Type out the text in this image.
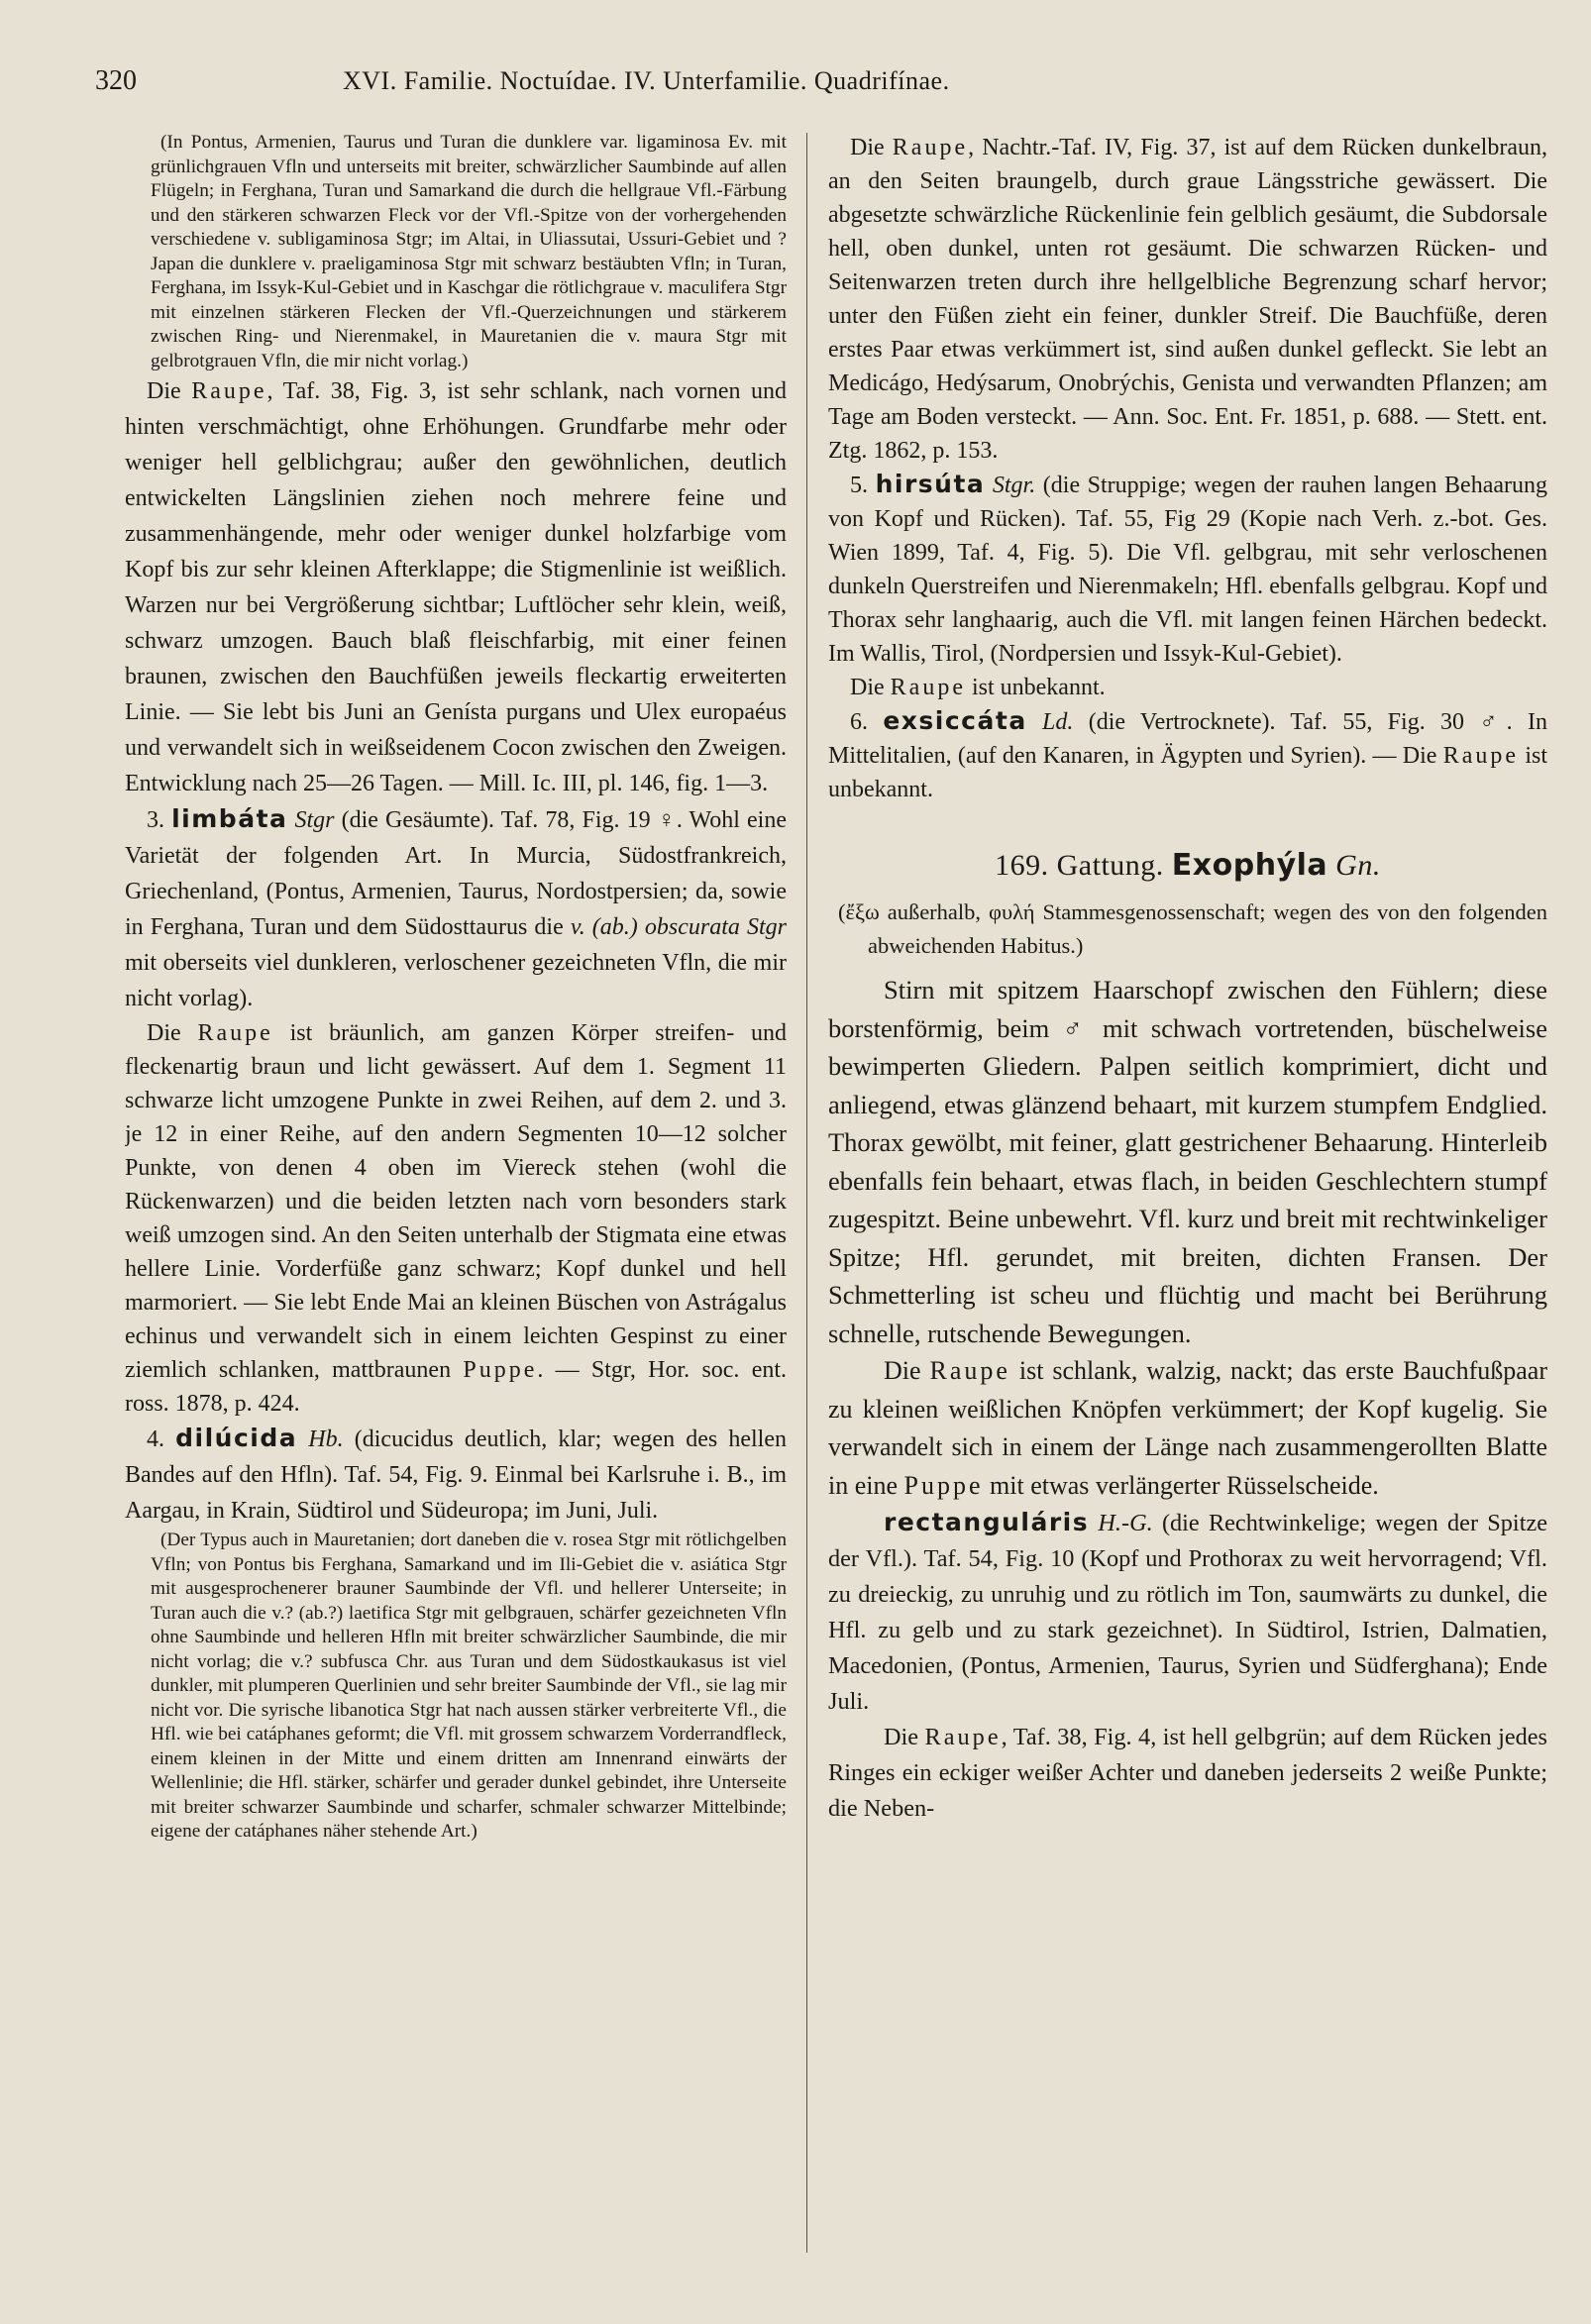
320	XVI. Familie. Noctuídae. IV. Unterfamilie. Quadrifínae.

(In Pontus, Armenien, Taurus und Turan die dunklere var. ligaminosa Ev. mit grünlichgrauen Vfln und unterseits mit breiter, schwärzlicher Saumbinde auf allen Flügeln; in Ferghana, Turan und Samarkand die durch die hellgraue Vfl.-Färbung und den stärkeren schwarzen Fleck vor der Vfl.-Spitze von der vorhergehenden verschiedene v. subligaminosa Stgr; im Altai, in Uliassutai, Ussuri-Gebiet und ? Japan die dunklere v. praeligaminosa Stgr mit schwarz bestäubten Vfln; in Turan, Ferghana, im Issyk-Kul-Gebiet und in Kaschgar die rötlichgraue v. maculifera Stgr mit einzelnen stärkeren Flecken der Vfl.-Querzeichnungen und stärkerem zwischen Ring- und Nierenmakel, in Mauretanien die v. maura Stgr mit gelbrotgrauen Vfln, die mir nicht vorlag.)

Die Raupe, Taf. 38, Fig. 3, ist sehr schlank, nach vornen und hinten verschmächtigt, ohne Erhöhungen. Grundfarbe mehr oder weniger hell gelblichgrau; außer den gewöhnlichen, deutlich entwickelten Längslinien ziehen noch mehrere feine und zusammenhängende, mehr oder weniger dunkel holzfarbige vom Kopf bis zur sehr kleinen Afterklappe; die Stigmenlinie ist weißlich. Warzen nur bei Vergrößerung sichtbar; Luftlöcher sehr klein, weiß, schwarz umzogen. Bauch blaß fleischfarbig, mit einer feinen braunen, zwischen den Bauchfüßen jeweils fleckartig erweiterten Linie. — Sie lebt bis Juni an Genísta purgans und Ulex europaéus und verwandelt sich in weißseidenem Cocon zwischen den Zweigen. Entwicklung nach 25—26 Tagen. — Mill. Ic. III, pl. 146, fig. 1—3.

3. limbáta Stgr (die Gesäumte). Taf. 78, Fig. 19 ♀. Wohl eine Varietät der folgenden Art. In Murcia, Südostfrankreich, Griechenland, (Pontus, Armenien, Taurus, Nordostpersien; da, sowie in Ferghana, Turan und dem Südosttaurus die v. (ab.) obscurata Stgr mit oberseits viel dunkleren, verloschener gezeichneten Vfln, die mir nicht vorlag).

Die Raupe ist bräunlich, am ganzen Körper streifen- und fleckenartig braun und licht gewässert. Auf dem 1. Segment 11 schwarze licht umzogene Punkte in zwei Reihen, auf dem 2. und 3. je 12 in einer Reihe, auf den andern Segmenten 10—12 solcher Punkte, von denen 4 oben im Viereck stehen (wohl die Rückenwarzen) und die beiden letzten nach vorn besonders stark weiß umzogen sind. An den Seiten unterhalb der Stigmata eine etwas hellere Linie. Vorderfüße ganz schwarz; Kopf dunkel und hell marmoriert. — Sie lebt Ende Mai an kleinen Büschen von Astrágalus echinus und verwandelt sich in einem leichten Gespinst zu einer ziemlich schlanken, mattbraunen Puppe. — Stgr, Hor. soc. ent. ross. 1878, p. 424.

4. dilúcida Hb. (dicucidus deutlich, klar; wegen des hellen Bandes auf den Hfln). Taf. 54, Fig. 9. Einmal bei Karlsruhe i. B., im Aargau, in Krain, Südtirol und Südeuropa; im Juni, Juli.

(Der Typus auch in Mauretanien; dort daneben die v. rosea Stgr mit rötlichgelben Vfln; von Pontus bis Ferghana, Samarkand und im Ili-Gebiet die v. asiática Stgr mit ausgesprochenerer brauner Saumbinde der Vfl. und hellerer Unterseite; in Turan auch die v.? (ab.?) laetifica Stgr mit gelbgrauen, schärfer gezeichneten Vfln ohne Saumbinde und helleren Hfln mit breiter schwärzlicher Saumbinde, die mir nicht vorlag; die v.? subfusca Chr. aus Turan und dem Südostkaukasus ist viel dunkler, mit plumperen Querlinien und sehr breiter Saumbinde der Vfl., sie lag mir nicht vor. Die syrische libanotica Stgr hat nach aussen stärker verbreiterte Vfl., die Hfl. wie bei catáphanes geformt; die Vfl. mit grossem schwarzem Vorderrandfleck, einem kleinen in der Mitte und einem dritten am Innenrand einwärts der Wellenlinie; die Hfl. stärker, schärfer und gerader dunkel gebindet, ihre Unterseite mit breiter schwarzer Saumbinde und scharfer, schmaler schwarzer Mittelbinde; eigene der catáphanes näher stehende Art.)

Die Raupe, Nachtr.-Taf. IV, Fig. 37, ist auf dem Rücken dunkelbraun, an den Seiten braungelb, durch graue Längsstriche gewässert. Die abgesetzte schwärzliche Rückenlinie fein gelblich gesäumt, die Subdorsale hell, oben dunkel, unten rot gesäumt. Die schwarzen Rücken- und Seitenwarzen treten durch ihre hellgelbliche Begrenzung scharf hervor; unter den Füßen zieht ein feiner, dunkler Streif. Die Bauchfüße, deren erstes Paar etwas verkümmert ist, sind außen dunkel gefleckt. Sie lebt an Medicágo, Hedýsarum, Onobrýchis, Genista und verwandten Pflanzen; am Tage am Boden versteckt. — Ann. Soc. Ent. Fr. 1851, p. 688. — Stett. ent. Ztg. 1862, p. 153.

5. hirsúta Stgr. (die Struppige; wegen der rauhen langen Behaarung von Kopf und Rücken). Taf. 55, Fig 29 (Kopie nach Verh. z.-bot. Ges. Wien 1899, Taf. 4, Fig. 5). Die Vfl. gelbgrau, mit sehr verloschenen dunkeln Querstreifen und Nierenmakeln; Hfl. ebenfalls gelbgrau. Kopf und Thorax sehr langhaarig, auch die Vfl. mit langen feinen Härchen bedeckt. Im Wallis, Tirol, (Nordpersien und Issyk-Kul-Gebiet).

Die Raupe ist unbekannt.

6. exsiccáta Ld. (die Vertrocknete). Taf. 55, Fig. 30 ♂. In Mittelitalien, (auf den Kanaren, in Ägypten und Syrien). — Die Raupe ist unbekannt.

169. Gattung. Exophýla Gn.

(ἔξω außerhalb, φυλή Stammesgenossenschaft; wegen des von den folgenden abweichenden Habitus.)

Stirn mit spitzem Haarschopf zwischen den Fühlern; diese borstenförmig, beim ♂ mit schwach vortretenden, büschelweise bewimperten Gliedern. Palpen seitlich komprimiert, dicht und anliegend, etwas glänzend behaart, mit kurzem stumpfem Endglied. Thorax gewölbt, mit feiner, glatt gestrichener Behaarung. Hinterleib ebenfalls fein behaart, etwas flach, in beiden Geschlechtern stumpf zugespitzt. Beine unbewehrt. Vfl. kurz und breit mit rechtwinkeliger Spitze; Hfl. gerundet, mit breiten, dichten Fransen. Der Schmetterling ist scheu und flüchtig und macht bei Berührung schnelle, rutschende Bewegungen.

Die Raupe ist schlank, walzig, nackt; das erste Bauchfußpaar zu kleinen weißlichen Knöpfen verkümmert; der Kopf kugelig. Sie verwandelt sich in einem der Länge nach zusammengerollten Blatte in eine Puppe mit etwas verlängerter Rüsselscheide.

rectanguláris H.-G. (die Rechtwinkelige; wegen der Spitze der Vfl.). Taf. 54, Fig. 10 (Kopf und Prothorax zu weit hervorragend; Vfl. zu dreieckig, zu unruhig und zu rötlich im Ton, saumwärts zu dunkel, die Hfl. zu gelb und zu stark gezeichnet). In Südtirol, Istrien, Dalmatien, Macedonien, (Pontus, Armenien, Taurus, Syrien und Südferghana); Ende Juli.

Die Raupe, Taf. 38, Fig. 4, ist hell gelbgrün; auf dem Rücken jedes Ringes ein eckiger weißer Achter und daneben jederseits 2 weiße Punkte; die Neben-
